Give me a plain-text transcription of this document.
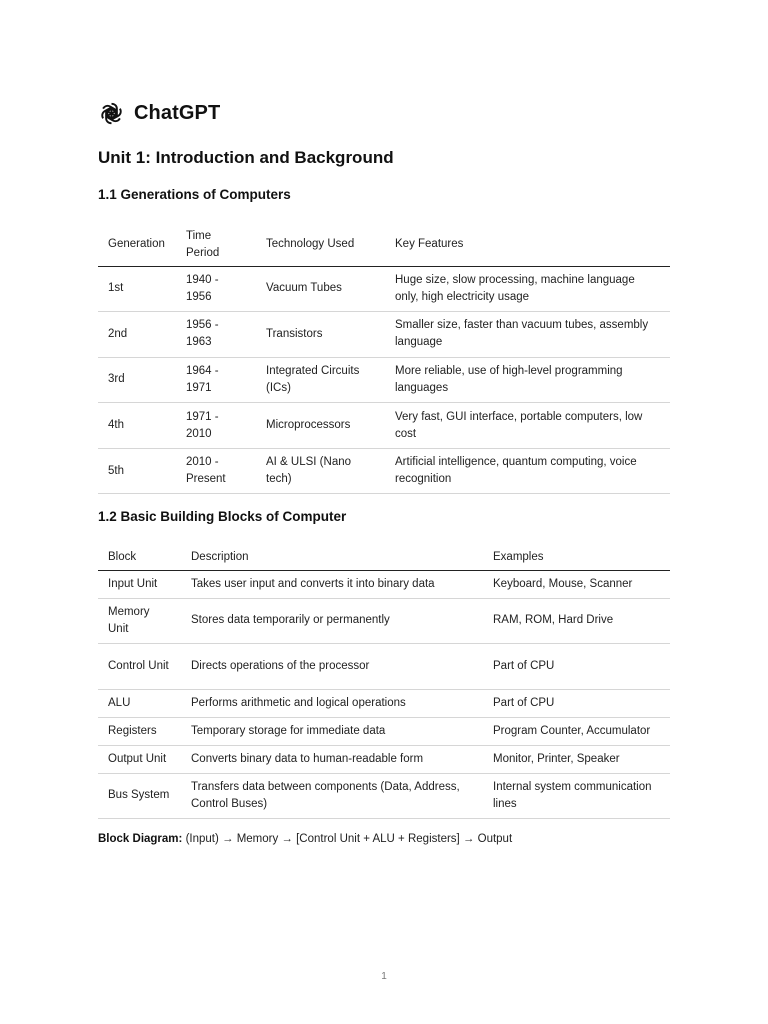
ChatGPT
Unit 1: Introduction and Background
1.1 Generations of Computers
Generation	Time Period	Technology Used	Key Features
1st	1940 - 1956	Vacuum Tubes	Huge size, slow processing, machine language only, high electricity usage
2nd	1956 - 1963	Transistors	Smaller size, faster than vacuum tubes, assembly language
3rd	1964 - 1971	Integrated Circuits (ICs)	More reliable, use of high-level programming languages
4th	1971 - 2010	Microprocessors	Very fast, GUI interface, portable computers, low cost
5th	2010 - Present	AI & ULSI (Nano tech)	Artificial intelligence, quantum computing, voice recognition
1.2 Basic Building Blocks of Computer
Block	Description	Examples
Input Unit	Takes user input and converts it into binary data	Keyboard, Mouse, Scanner
Memory Unit	Stores data temporarily or permanently	RAM, ROM, Hard Drive
Control Unit	Directs operations of the processor	Part of CPU
ALU	Performs arithmetic and logical operations	Part of CPU
Registers	Temporary storage for immediate data	Program Counter, Accumulator
Output Unit	Converts binary data to human-readable form	Monitor, Printer, Speaker
Bus System	Transfers data between components (Data, Address, Control Buses)	Internal system communication lines
Block Diagram: (Input) → Memory → [Control Unit + ALU + Registers] → Output
1
